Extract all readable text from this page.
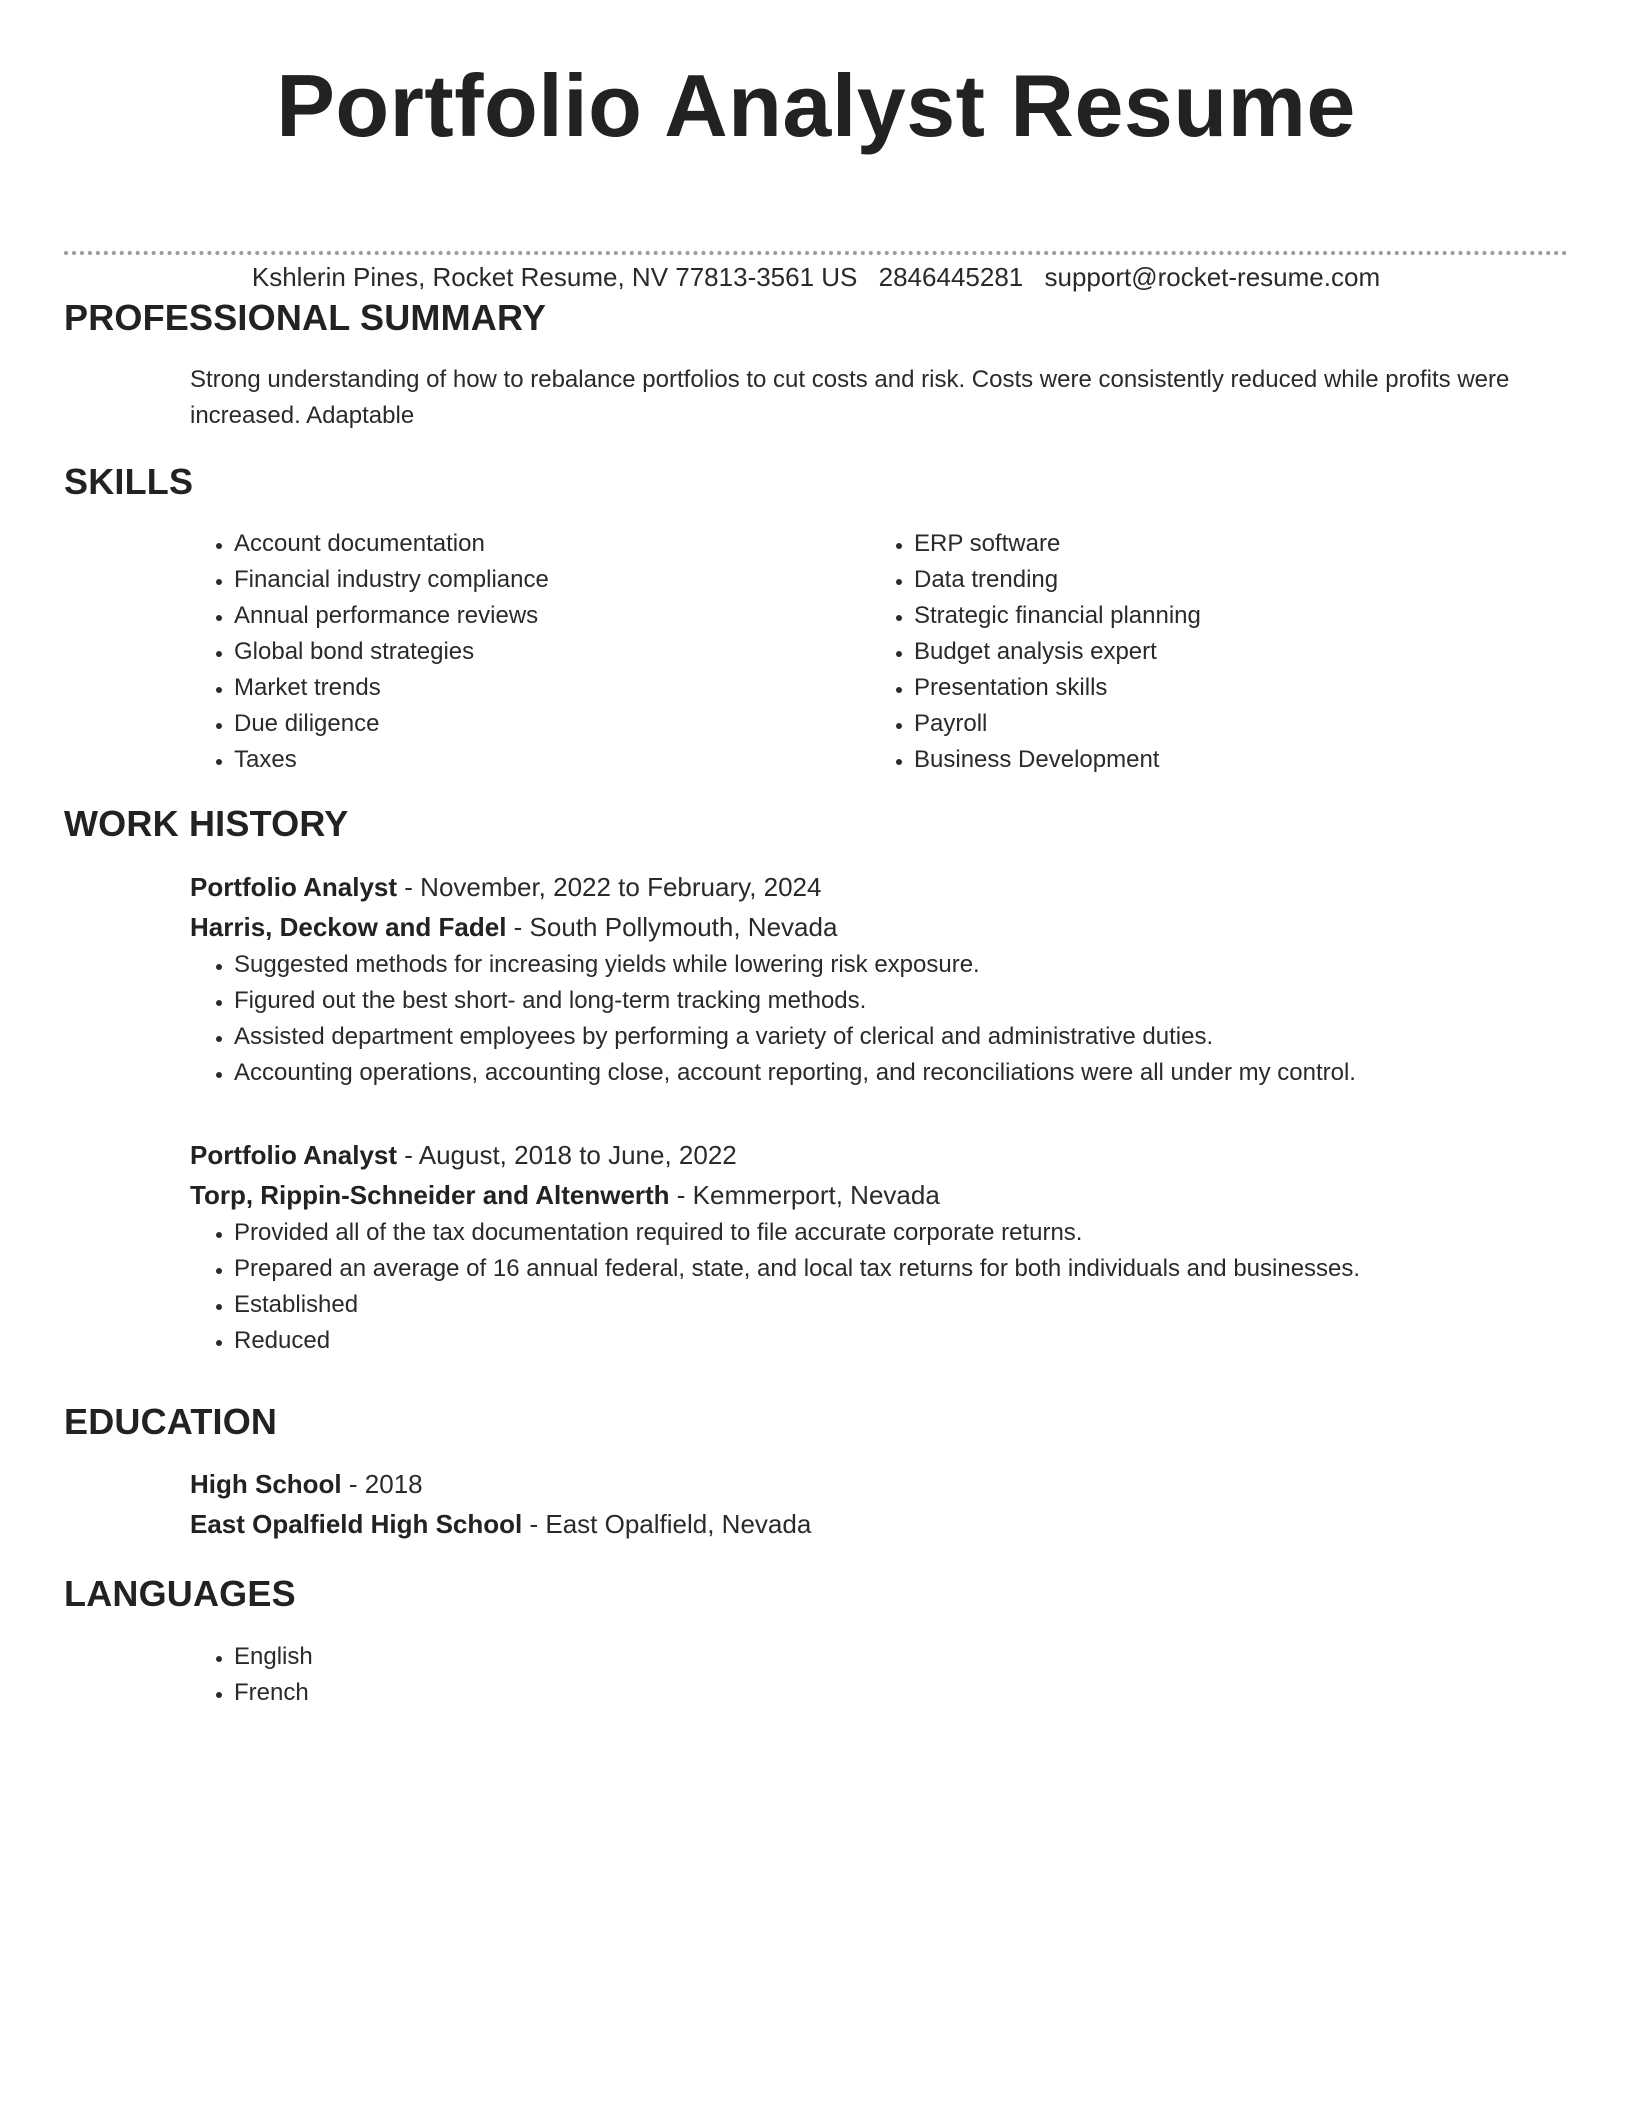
Portfolio Analyst Resume
Kshlerin Pines, Rocket Resume, NV 77813-3561 US 2846445281 support@rocket-resume.com
PROFESSIONAL SUMMARY

Strong understanding of how to rebalance portfolios to cut costs and risk. Costs were consistently reduced while profits were increased. Adaptable

SKILLS
• Account documentation
• Financial industry compliance
• Annual performance reviews
• Global bond strategies
• Market trends
• Due diligence
• Taxes
• ERP software
• Data trending
• Strategic financial planning
• Budget analysis expert
• Presentation skills
• Payroll
• Business Development
WORK HISTORY
Portfolio Analyst - November, 2022 to February, 2024
Harris, Deckow and Fadel - South Pollymouth, Nevada
• Suggested methods for increasing yields while lowering risk exposure.
• Figured out the best short- and long-term tracking methods.
• Assisted department employees by performing a variety of clerical and administrative duties.
• Accounting operations, accounting close, account reporting, and reconciliations were all under my control.
Portfolio Analyst - August, 2018 to June, 2022
Torp, Rippin-Schneider and Altenwerth - Kemmerport, Nevada
• Provided all of the tax documentation required to file accurate corporate returns.
• Prepared an average of 16 annual federal, state, and local tax returns for both individuals and businesses.
• Established
• Reduced
EDUCATION
High School - 2018
East Opalfield High School - East Opalfield, Nevada
LANGUAGES
• English
• French
